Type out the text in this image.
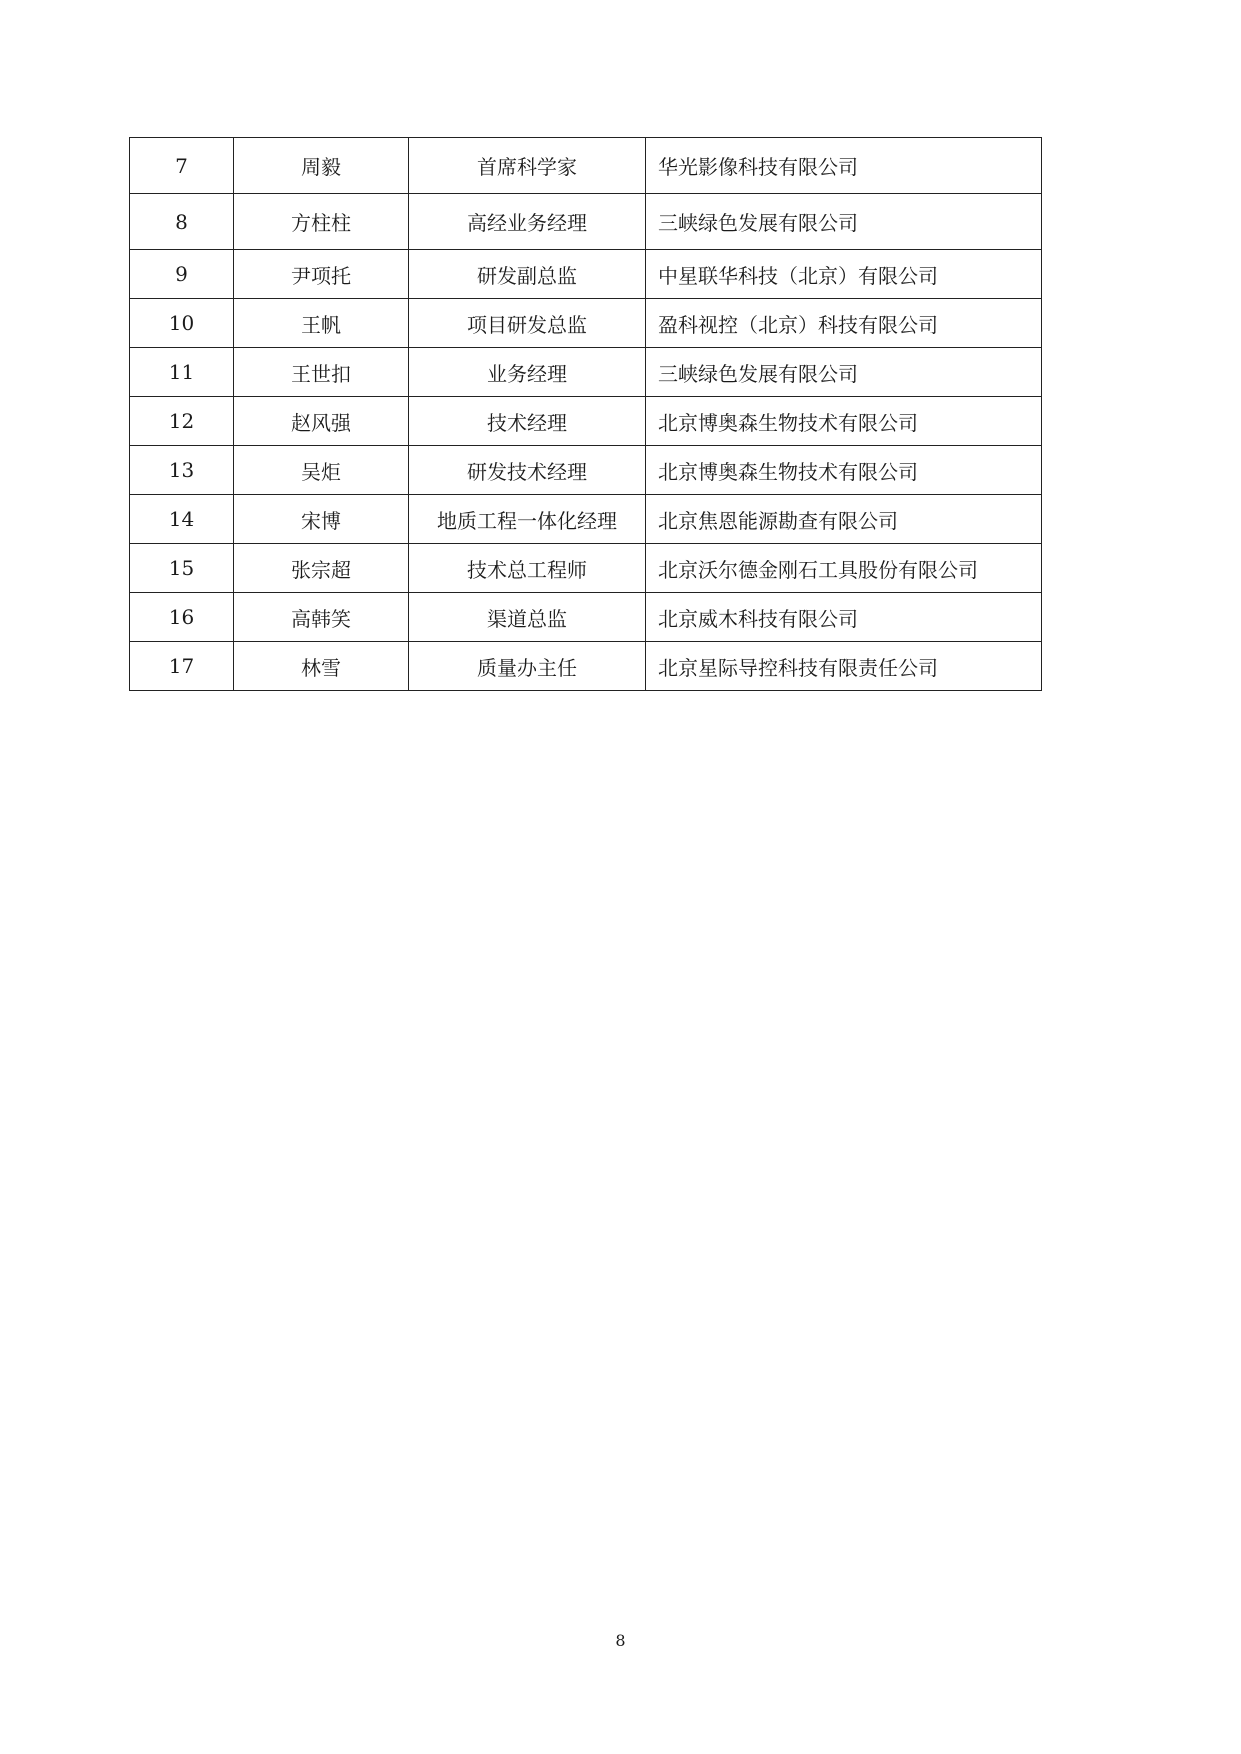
7	周毅	首席科学家	华光影像科技有限公司
8	方柱柱	高经业务经理	三峡绿色发展有限公司
9	尹项托	研发副总监	中星联华科技（北京）有限公司
10	王帆	项目研发总监	盈科视控（北京）科技有限公司
11	王世扣	业务经理	三峡绿色发展有限公司
12	赵风强	技术经理	北京博奥森生物技术有限公司
13	吴炬	研发技术经理	北京博奥森生物技术有限公司
14	宋博	地质工程一体化经理	北京焦恩能源勘查有限公司
15	张宗超	技术总工程师	北京沃尔德金刚石工具股份有限公司
16	高韩笑	渠道总监	北京威木科技有限公司
17	林雪	质量办主任	北京星际导控科技有限责任公司
8
